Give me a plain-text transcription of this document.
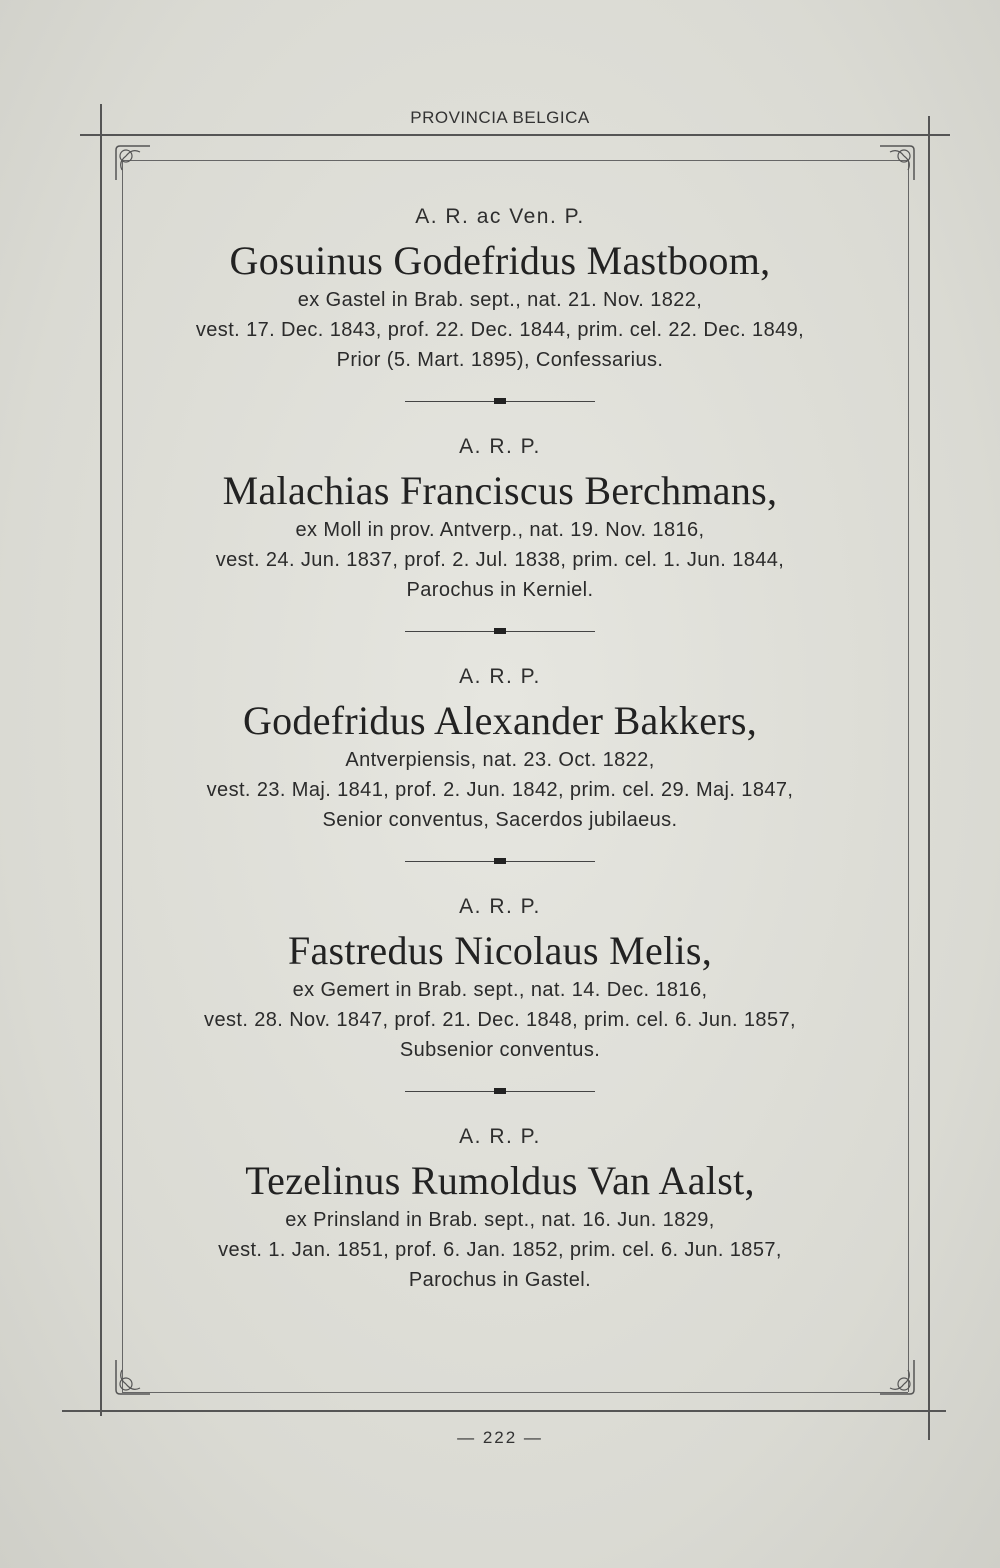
PROVINCIA BELGICA
A. R. ac Ven. P.
Gosuinus Godefridus Mastboom,
ex Gastel in Brab. sept., nat. 21. Nov. 1822,
vest. 17. Dec. 1843, prof. 22. Dec. 1844, prim. cel. 22. Dec. 1849,
Prior (5. Mart. 1895), Confessarius.
A. R. P.
Malachias Franciscus Berchmans,
ex Moll in prov. Antverp., nat. 19. Nov. 1816,
vest. 24. Jun. 1837, prof. 2. Jul. 1838, prim. cel. 1. Jun. 1844,
Parochus in Kerniel.
A. R. P.
Godefridus Alexander Bakkers,
Antverpiensis, nat. 23. Oct. 1822,
vest. 23. Maj. 1841, prof. 2. Jun. 1842, prim. cel. 29. Maj. 1847,
Senior conventus, Sacerdos jubilaeus.
A. R. P.
Fastredus Nicolaus Melis,
ex Gemert in Brab. sept., nat. 14. Dec. 1816,
vest. 28. Nov. 1847, prof. 21. Dec. 1848, prim. cel. 6. Jun. 1857,
Subsenior conventus.
A. R. P.
Tezelinus Rumoldus Van Aalst,
ex Prinsland in Brab. sept., nat. 16. Jun. 1829,
vest. 1. Jan. 1851, prof. 6. Jan. 1852, prim. cel. 6. Jun. 1857,
Parochus in Gastel.
— 222 —
